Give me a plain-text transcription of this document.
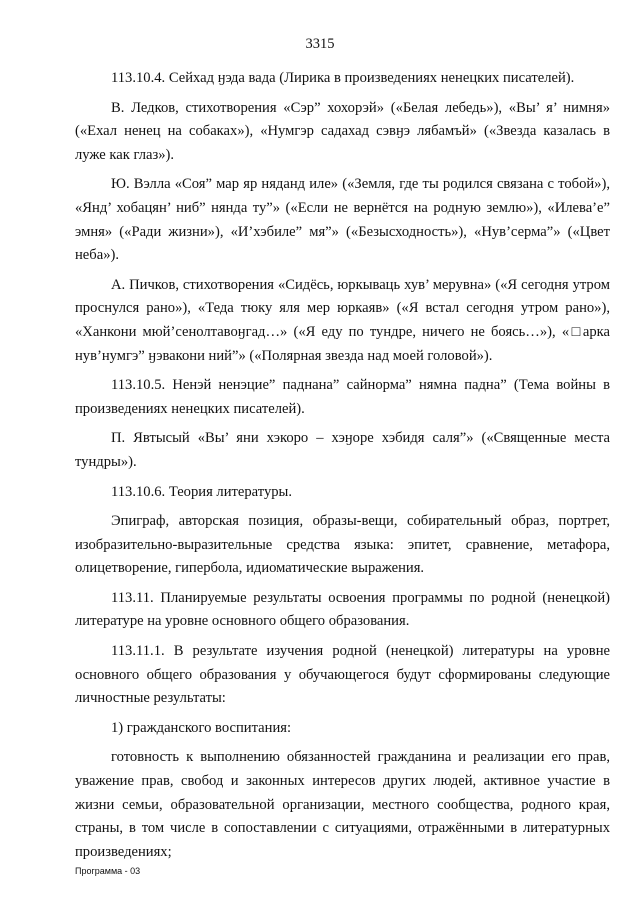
3315

113.10.4. Сейхад ӈэда вада (Лирика в произведениях ненецких писателей).

В. Ледков, стихотворения «Сэр” хохорэй» («Белая лебедь»), «Вы’ я’ нимня» («Ехал ненец на собаках»), «Нумгэр садахад сэвӈэ лябамъй» («Звезда казалась в луже как глаз»).

Ю. Вэлла «Соя” мар яр няданд иле» («Земля, где ты родился связана с тобой»), «Янд’ хобацян’ ниб” нянда ту”» («Если не вернётся на родную землю»), «Илева’е” эмня» («Ради жизни»), «И’хэбиле” мя”» («Безысходность»), «Нув’серма”» («Цвет неба»).

А. Пичков, стихотворения «Сидёсь, юркываць хув’ мерувна» («Я сегодня утром проснулся рано»), «Теда тюку яля мер юркаяв» («Я встал сегодня утром рано»), «Ханкони мюй’сенолтавоӈгад…» («Я еду по тундре, ничего не боясь…»), «□арка нув’нумгэ” ӈэвакони ний”» («Полярная звезда над моей головой»).

113.10.5. Ненэй ненэцие” паднана” сайнорма” нямна падна” (Тема войны в произведениях ненецких писателей).

П. Явтысый «Вы’ яни хэкоро – хэӈоре хэбидя саля”» («Священные места тундры»).

113.10.6. Теория литературы.

Эпиграф, авторская позиция, образы-вещи, собирательный образ, портрет, изобразительно-выразительные средства языка: эпитет, сравнение, метафора, олицетворение, гипербола, идиоматические выражения.

113.11. Планируемые результаты освоения программы по родной (ненецкой) литературе на уровне основного общего образования.

113.11.1. В результате изучения родной (ненецкой) литературы на уровне основного общего образования у обучающегося будут сформированы следующие личностные результаты:

1) гражданского воспитания:

готовность к выполнению обязанностей гражданина и реализации его прав, уважение прав, свобод и законных интересов других людей, активное участие в жизни семьи, образовательной организации, местного сообщества, родного края, страны, в том числе в сопоставлении с ситуациями, отражёнными в литературных произведениях;

Программа - 03
